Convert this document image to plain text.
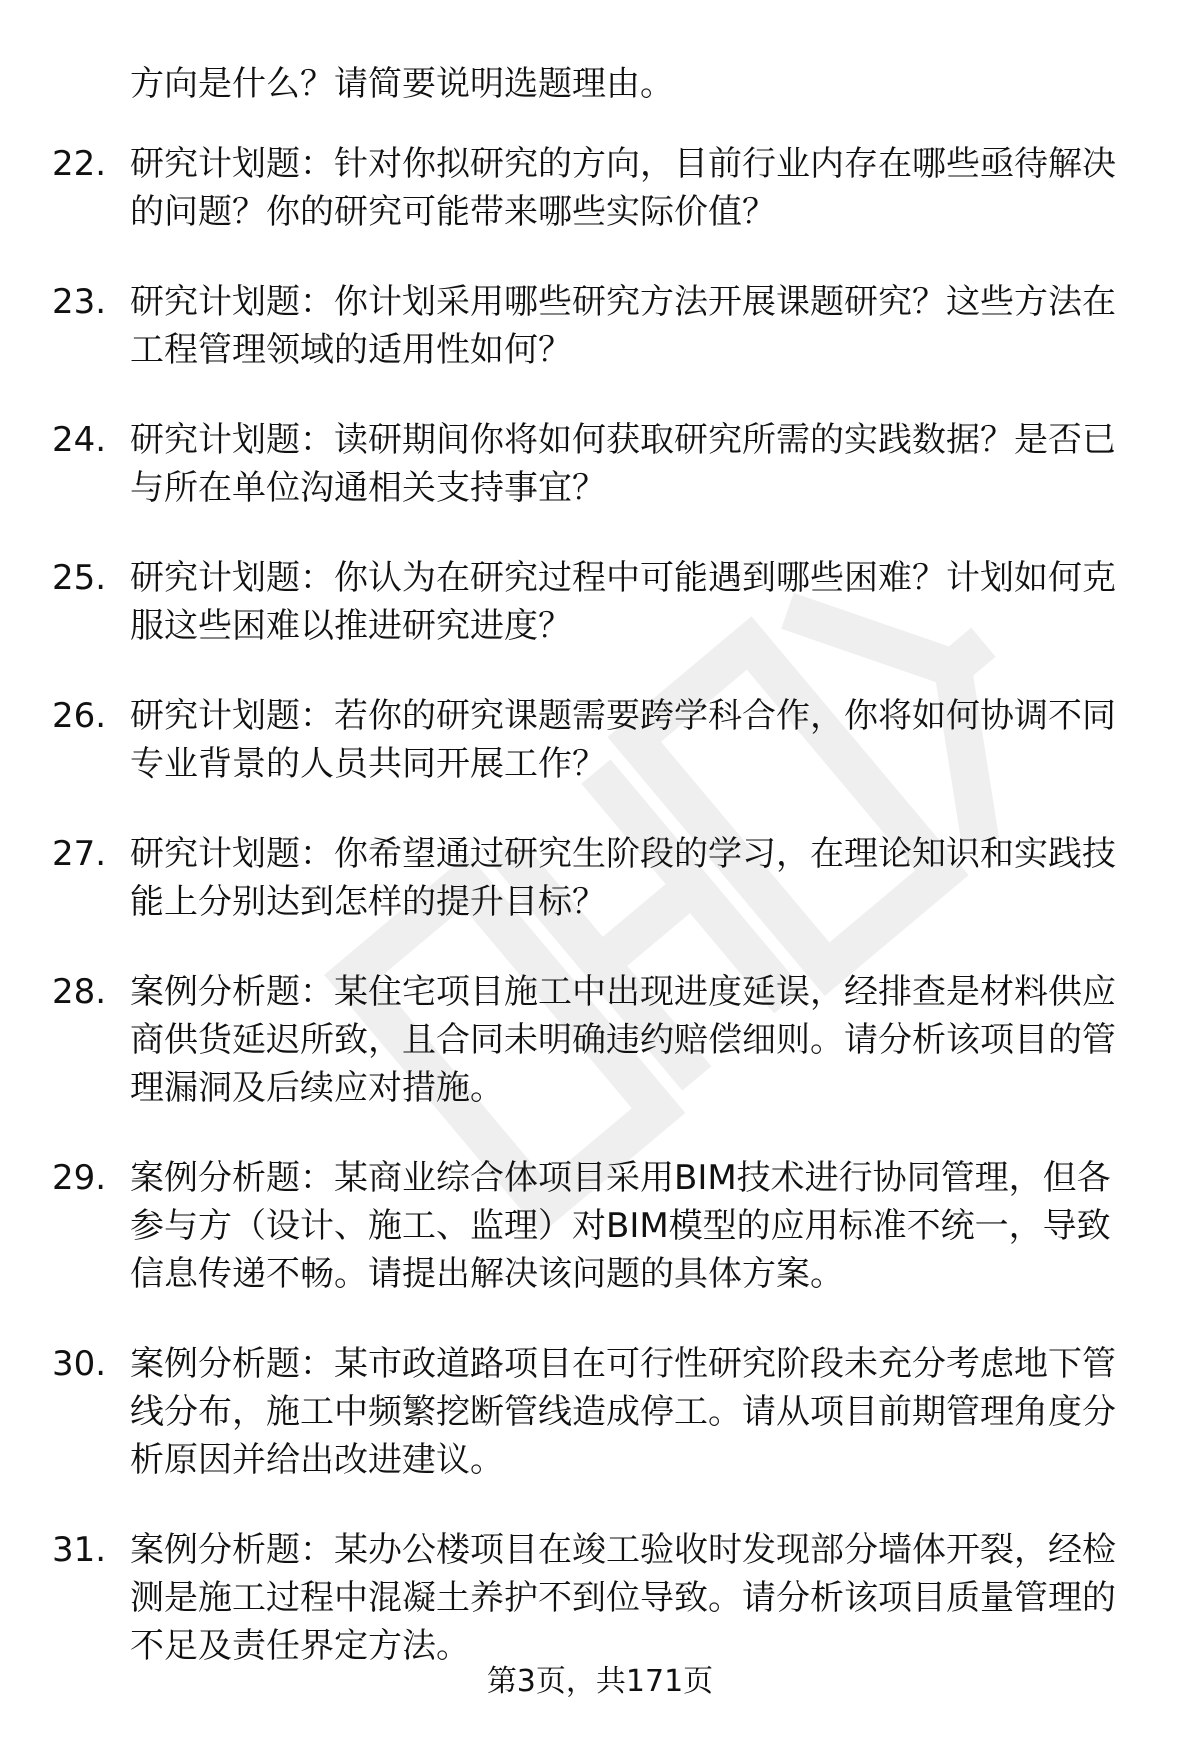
方向是什么？请简要说明选题理由。
22. 研究计划题：针对你拟研究的方向，目前行业内存在哪些亟待解决的问题？你的研究可能带来哪些实际价值？
23. 研究计划题：你计划采用哪些研究方法开展课题研究？这些方法在工程管理领域的适用性如何？
24. 研究计划题：读研期间你将如何获取研究所需的实践数据？是否已与所在单位沟通相关支持事宜？
25. 研究计划题：你认为在研究过程中可能遇到哪些困难？计划如何克服这些困难以推进研究进度？
26. 研究计划题：若你的研究课题需要跨学科合作，你将如何协调不同专业背景的人员共同开展工作？
27. 研究计划题：你希望通过研究生阶段的学习，在理论知识和实践技能上分别达到怎样的提升目标？
28. 案例分析题：某住宅项目施工中出现进度延误，经排查是材料供应商供货延迟所致，且合同未明确违约赔偿细则。请分析该项目的管理漏洞及后续应对措施。
29. 案例分析题：某商业综合体项目采用BIM技术进行协同管理，但各参与方（设计、施工、监理）对BIM模型的应用标准不统一，导致信息传递不畅。请提出解决该问题的具体方案。
30. 案例分析题：某市政道路项目在可行性研究阶段未充分考虑地下管线分布，施工中频繁挖断管线造成停工。请从项目前期管理角度分析原因并给出改进建议。
31. 案例分析题：某办公楼项目在竣工验收时发现部分墙体开裂，经检测是施工过程中混凝土养护不到位导致。请分析该项目质量管理的不足及责任界定方法。
第3页，共171页
